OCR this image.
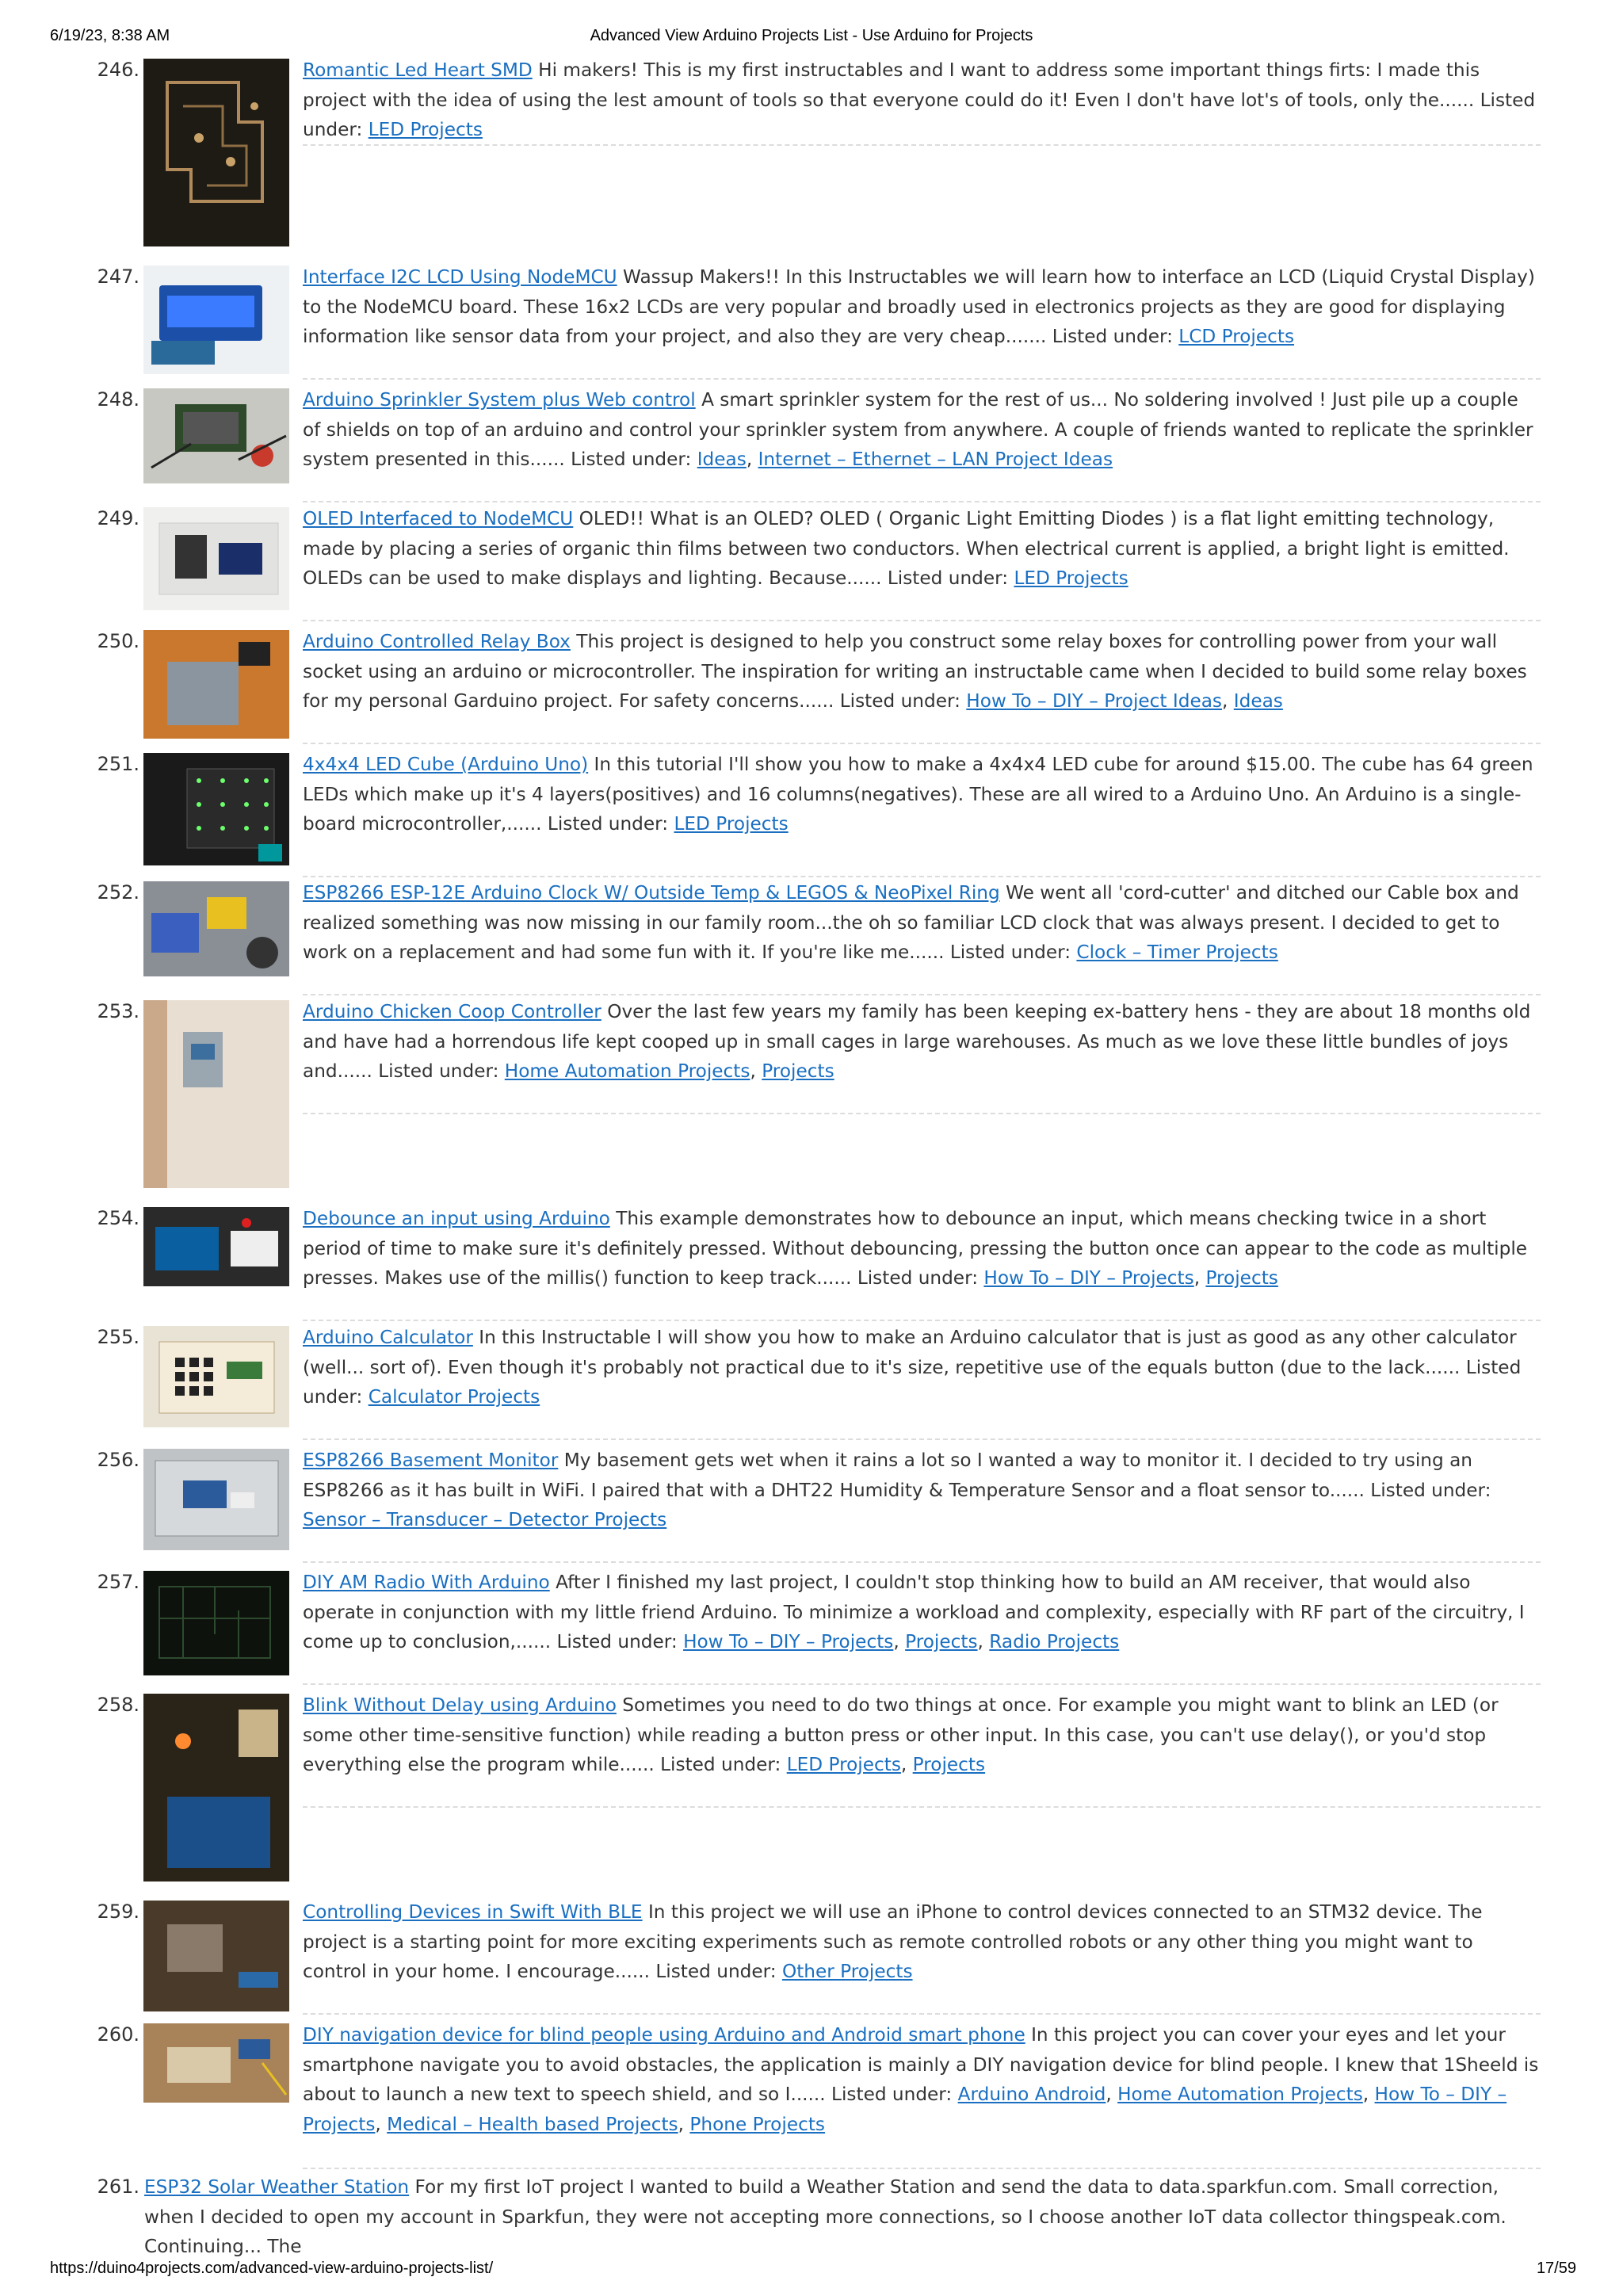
6/19/23, 8:38 AM	Advanced View Arduino Projects List - Use Arduino for Projects
246.	Romantic Led Heart SMD Hi makers! This is my first instructables and I want to address some important things firts: I made this project with the idea of using the lest amount of tools so that everyone could do it! Even I don't have lot's of tools, only the...... Listed under: LED Projects
247.	Interface I2C LCD Using NodeMCU Wassup Makers!! In this Instructables we will learn how to interface an LCD (Liquid Crystal Display) to the NodeMCU board. These 16x2 LCDs are very popular and broadly used in electronics projects as they are good for displaying information like sensor data from your project, and also they are very cheap....... Listed under: LCD Projects
248.	Arduino Sprinkler System plus Web control A smart sprinkler system for the rest of us... No soldering involved ! Just pile up a couple of shields on top of an arduino and control your sprinkler system from anywhere. A couple of friends wanted to replicate the sprinkler system presented in this...... Listed under: Ideas, Internet – Ethernet – LAN Project Ideas
249.	OLED Interfaced to NodeMCU OLED!! What is an OLED? OLED ( Organic Light Emitting Diodes ) is a flat light emitting technology, made by placing a series of organic thin films between two conductors. When electrical current is applied, a bright light is emitted. OLEDs can be used to make displays and lighting. Because...... Listed under: LED Projects
250.	Arduino Controlled Relay Box This project is designed to help you construct some relay boxes for controlling power from your wall socket using an arduino or microcontroller. The inspiration for writing an instructable came when I decided to build some relay boxes for my personal Garduino project. For safety concerns...... Listed under: How To – DIY – Project Ideas, Ideas
251.	4x4x4 LED Cube (Arduino Uno) In this tutorial I'll show you how to make a 4x4x4 LED cube for around $15.00. The cube has 64 green LEDs which make up it's 4 layers(positives) and 16 columns(negatives). These are all wired to a Arduino Uno. An Arduino is a single-board microcontroller,...... Listed under: LED Projects
252.	ESP8266 ESP-12E Arduino Clock W/ Outside Temp & LEGOS & NeoPixel Ring We went all 'cord-cutter' and ditched our Cable box and realized something was now missing in our family room...the oh so familiar LCD clock that was always present. I decided to get to work on a replacement and had some fun with it. If you're like me...... Listed under: Clock – Timer Projects
253.	Arduino Chicken Coop Controller Over the last few years my family has been keeping ex-battery hens - they are about 18 months old and have had a horrendous life kept cooped up in small cages in large warehouses. As much as we love these little bundles of joys and...... Listed under: Home Automation Projects, Projects
254.	Debounce an input using Arduino This example demonstrates how to debounce an input, which means checking twice in a short period of time to make sure it's definitely pressed. Without debouncing, pressing the button once can appear to the code as multiple presses. Makes use of the millis() function to keep track...... Listed under: How To – DIY – Projects, Projects
255.	Arduino Calculator In this Instructable I will show you how to make an Arduino calculator that is just as good as any other calculator (well... sort of). Even though it's probably not practical due to it's size, repetitive use of the equals button (due to the lack...... Listed under: Calculator Projects
256.	ESP8266 Basement Monitor My basement gets wet when it rains a lot so I wanted a way to monitor it. I decided to try using an ESP8266 as it has built in WiFi. I paired that with a DHT22 Humidity & Temperature Sensor and a float sensor to...... Listed under: Sensor – Transducer – Detector Projects
257.	DIY AM Radio With Arduino After I finished my last project, I couldn't stop thinking how to build an AM receiver, that would also operate in conjunction with my little friend Arduino. To minimize a workload and complexity, especially with RF part of the circuitry, I come up to conclusion,...... Listed under: How To – DIY – Projects, Projects, Radio Projects
258.	Blink Without Delay using Arduino Sometimes you need to do two things at once. For example you might want to blink an LED (or some other time-sensitive function) while reading a button press or other input. In this case, you can't use delay(), or you'd stop everything else the program while...... Listed under: LED Projects, Projects
259.	Controlling Devices in Swift With BLE In this project we will use an iPhone to control devices connected to an STM32 device. The project is a starting point for more exciting experiments such as remote controlled robots or any other thing you might want to control in your home. I encourage...... Listed under: Other Projects
260.	DIY navigation device for blind people using Arduino and Android smart phone In this project you can cover your eyes and let your smartphone navigate you to avoid obstacles, the application is mainly a DIY navigation device for blind people. I knew that 1Sheeld is about to launch a new text to speech shield, and so I...... Listed under: Arduino Android, Home Automation Projects, How To – DIY – Projects, Medical – Health based Projects, Phone Projects
261. ESP32 Solar Weather Station For my first IoT project I wanted to build a Weather Station and send the data to data.sparkfun.com. Small correction, when I decided to open my account in Sparkfun, they were not accepting more connections, so I choose another IoT data collector thingspeak.com. Continuing... The
https://duino4projects.com/advanced-view-arduino-projects-list/	17/59
